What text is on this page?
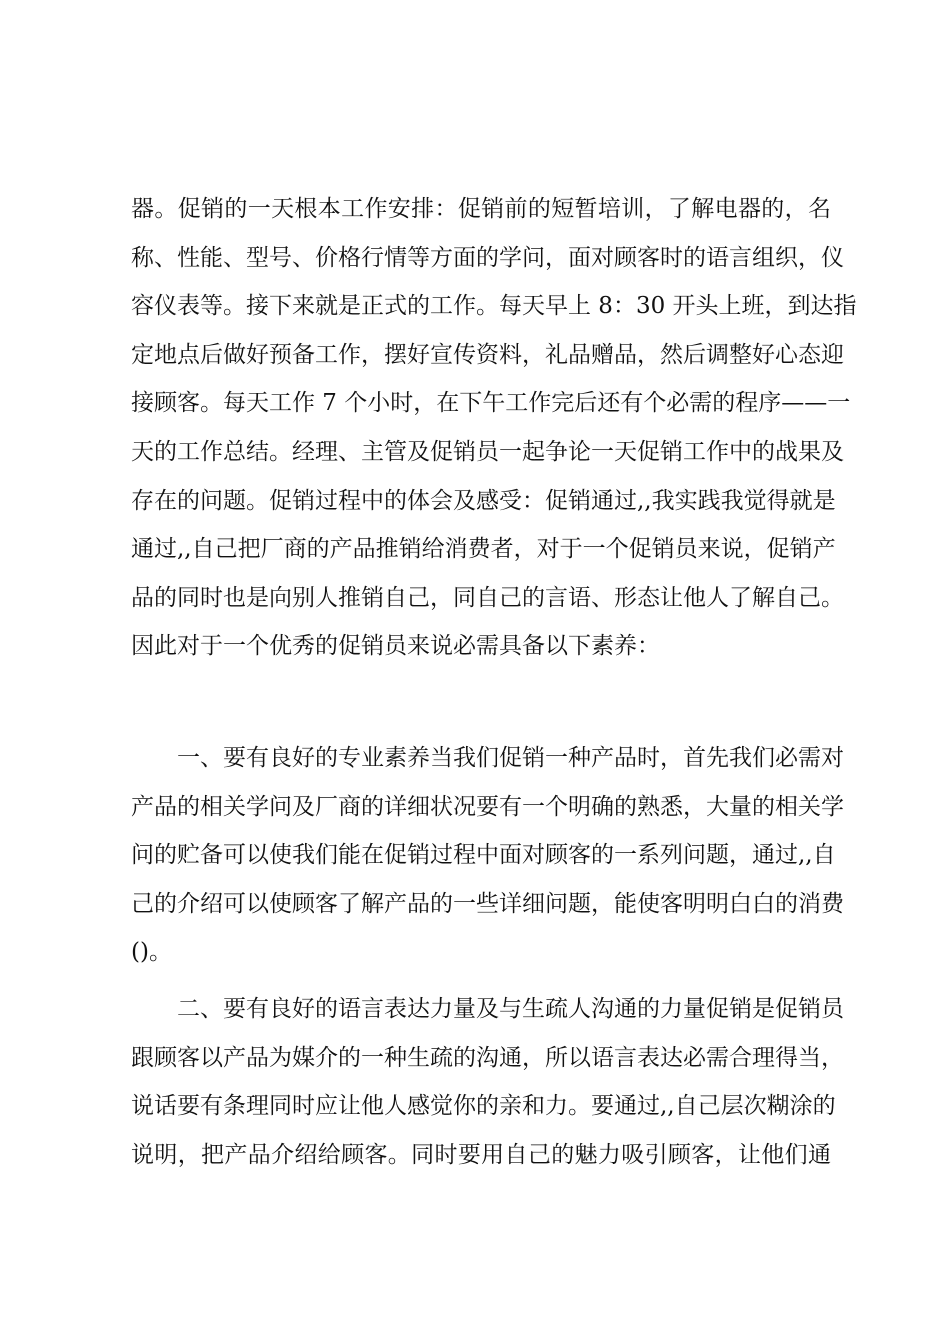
器。促销的一天根本工作安排：促销前的短暂培训，了解电器的，名
称、性能、型号、价格行情等方面的学问，面对顾客时的语言组织，仪
容仪表等。接下来就是正式的工作。每天早上 8：30 开头上班，到达指
定地点后做好预备工作，摆好宣传资料，礼品赠品，然后调整好心态迎
接顾客。每天工作 7 个小时，在下午工作完后还有个必需的程序——一
天的工作总结。经理、主管及促销员一起争论一天促销工作中的战果及
存在的问题。促销过程中的体会及感受：促销通过,,我实践我觉得就是
通过,,自己把厂商的产品推销给消费者，对于一个促销员来说，促销产
品的同时也是向别人推销自己，同自己的言语、形态让他人了解自己。
因此对于一个优秀的促销员来说必需具备以下素养：
一、要有良好的专业素养当我们促销一种产品时，首先我们必需对
产品的相关学问及厂商的详细状况要有一个明确的熟悉，大量的相关学
问的贮备可以使我们能在促销过程中面对顾客的一系列问题，通过,,自
己的介绍可以使顾客了解产品的一些详细问题，能使客明明白白的消费
()。
二、要有良好的语言表达力量及与生疏人沟通的力量促销是促销员
跟顾客以产品为媒介的一种生疏的沟通，所以语言表达必需合理得当，
说话要有条理同时应让他人感觉你的亲和力。要通过,,自己层次糊涂的
说明，把产品介绍给顾客。同时要用自己的魅力吸引顾客，让他们通
